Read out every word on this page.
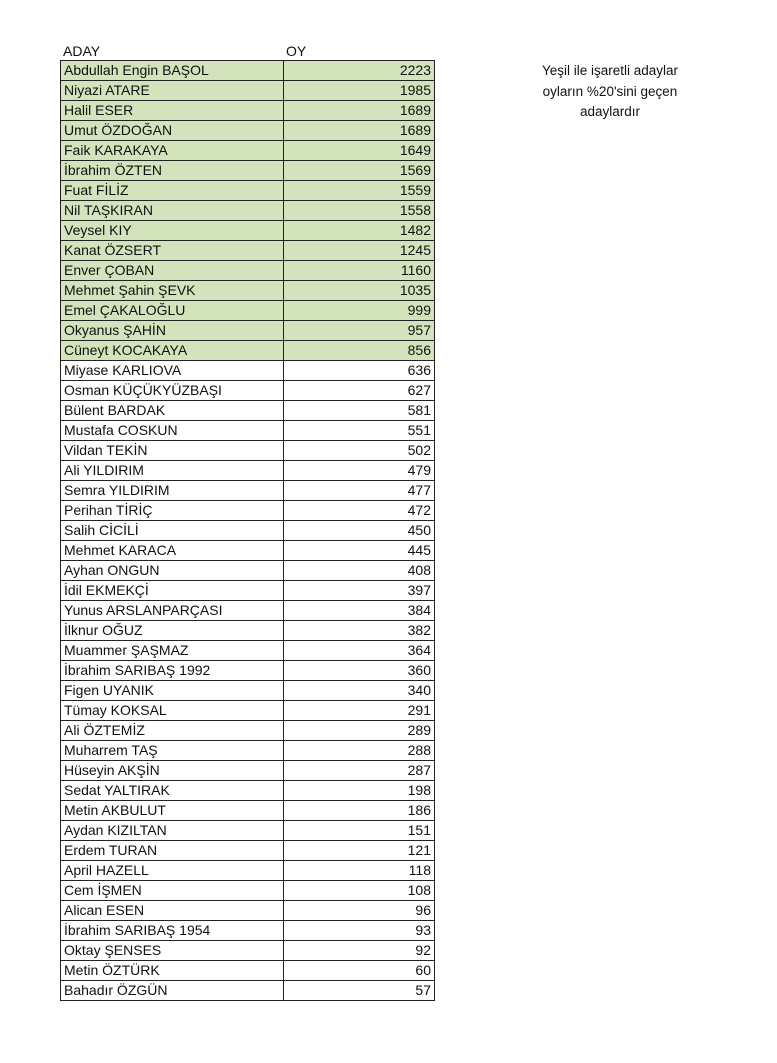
ADAY	OY
Abdullah Engin BAŞOL	2223
Niyazi ATARE	1985
Halil ESER	1689
Umut ÖZDOĞAN	1689
Faik KARAKAYA	1649
İbrahim ÖZTEN	1569
Fuat FİLİZ	1559
Nil TAŞKIRAN	1558
Veysel KIY	1482
Kanat ÖZSERT	1245
Enver ÇOBAN	1160
Mehmet Şahin ŞEVK	1035
Emel ÇAKALOĞLU	999
Okyanus ŞAHİN	957
Cüneyt KOCAKAYA	856
Miyase KARLIOVA	636
Osman KÜÇÜKYÜZBAŞI	627
Bülent BARDAK	581
Mustafa COSKUN	551
Vildan TEKİN	502
Ali YILDIRIM	479
Semra YILDIRIM	477
Perihan TİRİÇ	472
Salih CİCİLİ	450
Mehmet KARACA	445
Ayhan ONGUN	408
İdil EKMEKÇİ	397
Yunus ARSLANPARÇASI	384
İlknur OĞUZ	382
Muammer ŞAŞMAZ	364
İbrahim SARIBAŞ 1992	360
Figen UYANIK	340
Tümay KOKSAL	291
Ali ÖZTEMİZ	289
Muharrem TAŞ	288
Hüseyin AKŞİN	287
Sedat YALTIRAK	198
Metin AKBULUT	186
Aydan KIZILTAN	151
Erdem TURAN	121
April HAZELL	118
Cem İŞMEN	108
Alican ESEN	96
İbrahim SARIBAŞ 1954	93
Oktay ŞENSES	92
Metin ÖZTÜRK	60
Bahadır ÖZGÜN	57
Yeşil ile işaretli adaylar
oyların %20'sini geçen
adaylardır
